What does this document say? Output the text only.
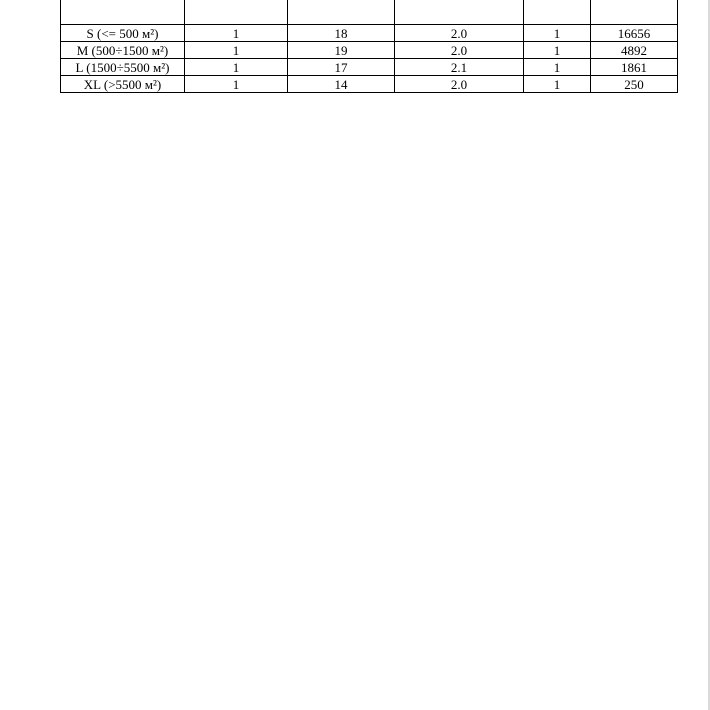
S (<= 500 м²)	1	18	2.0	1	16656
M (500÷1500 м²)	1	19	2.0	1	4892
L (1500÷5500 м²)	1	17	2.1	1	1861
XL (>5500 м²)	1	14	2.0	1	250
